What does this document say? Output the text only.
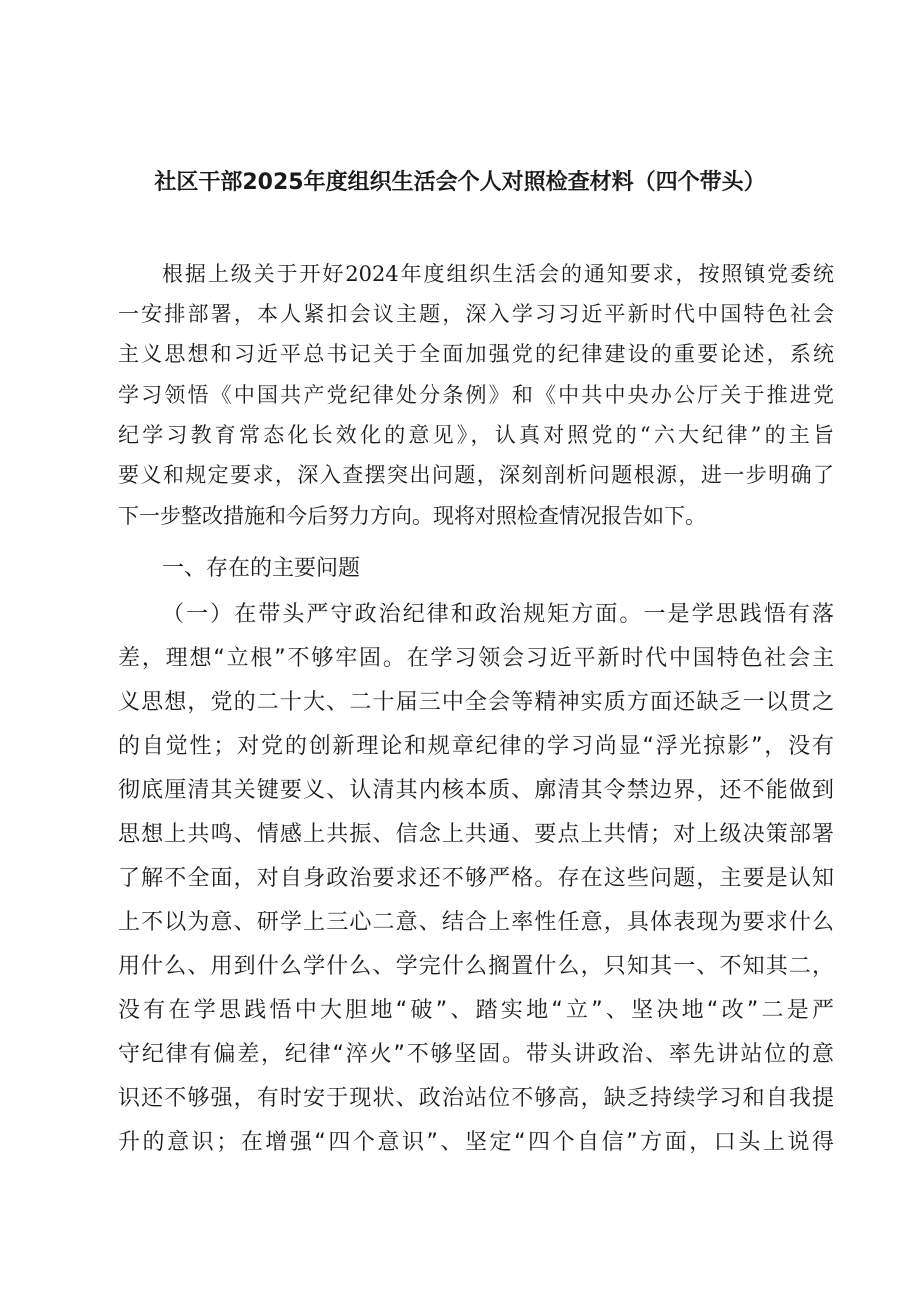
社区干部2025年度组织生活会个人对照检查材料（四个带头）
根据上级关于开好2024年度组织生活会的通知要求，按照镇党委统
一安排部署，本人紧扣会议主题，深入学习习近平新时代中国特色社会
主义思想和习近平总书记关于全面加强党的纪律建设的重要论述，系统
学习领悟《中国共产党纪律处分条例》和《中共中央办公厅关于推进党
纪学习教育常态化长效化的意见》，认真对照党的“六大纪律”的主旨
要义和规定要求，深入查摆突出问题，深刻剖析问题根源，进一步明确了
下一步整改措施和今后努力方向。现将对照检查情况报告如下。
一、存在的主要问题
（一）在带头严守政治纪律和政治规矩方面。一是学思践悟有落
差，理想“立根”不够牢固。在学习领会习近平新时代中国特色社会主
义思想，党的二十大、二十届三中全会等精神实质方面还缺乏一以贯之
的自觉性；对党的创新理论和规章纪律的学习尚显“浮光掠影”，没有
彻底厘清其关键要义、认清其内核本质、廓清其令禁边界，还不能做到
思想上共鸣、情感上共振、信念上共通、要点上共情；对上级决策部署
了解不全面，对自身政治要求还不够严格。存在这些问题，主要是认知
上不以为意、研学上三心二意、结合上率性任意，具体表现为要求什么
用什么、用到什么学什么、学完什么搁置什么，只知其一、不知其二，
没有在学思践悟中大胆地“破”、踏实地“立”、坚决地“改”二是严
守纪律有偏差，纪律“淬火”不够坚固。带头讲政治、率先讲站位的意
识还不够强，有时安于现状、政治站位不够高，缺乏持续学习和自我提
升的意识；在增强“四个意识”、坚定“四个自信”方面，口头上说得
